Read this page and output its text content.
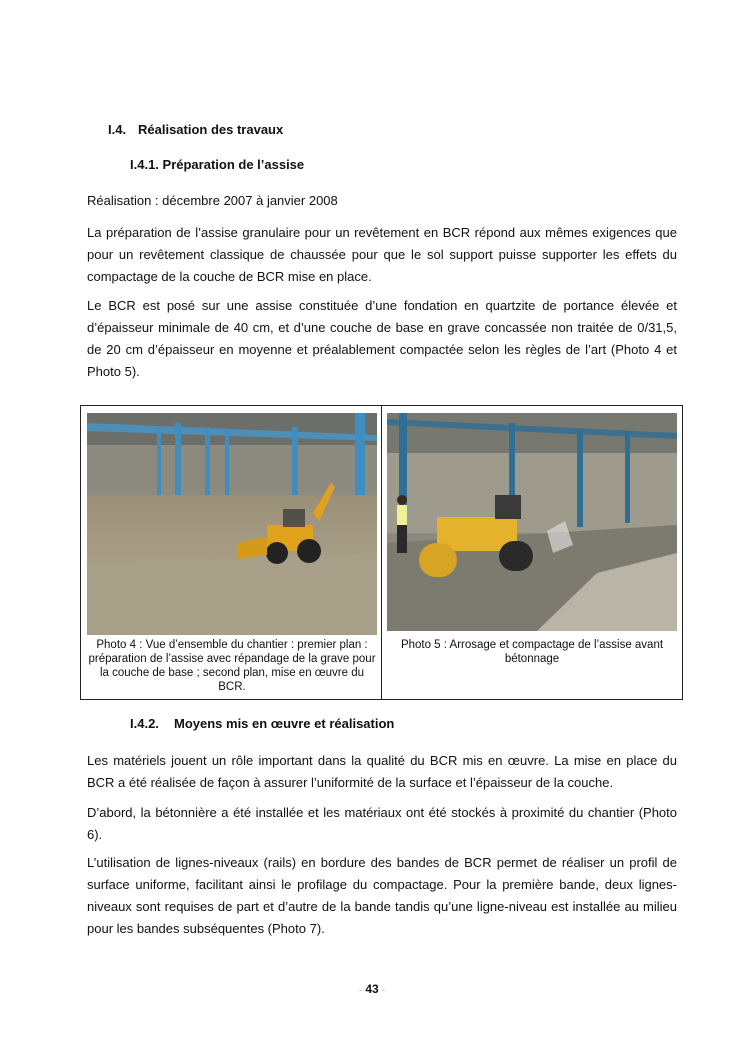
I.4. Réalisation des travaux
I.4.1. Préparation de l’assise

Réalisation : décembre 2007 à janvier 2008

La préparation de l’assise granulaire pour un revêtement en BCR répond aux mêmes exigences que pour un revêtement classique de chaussée pour que le sol support puisse supporter les effets du compactage de la couche de BCR mise en place.

Le BCR est posé sur une assise constituée d’une fondation en quartzite de portance élevée et d’épaisseur minimale de 40 cm, et d’une couche de base en grave concassée non traitée de 0/31,5, de 20 cm d’épaisseur en moyenne et préalablement compactée selon les règles de l’art (Photo 4 et Photo 5).

Photo 4 : Vue d’ensemble du chantier : premier plan : préparation de l’assise avec répandage de la grave pour la couche de base ; second plan, mise en œuvre du BCR.
Photo 5 : Arrosage et compactage de l’assise avant bétonnage
I.4.2. Moyens mis en œuvre et réalisation

Les matériels jouent un rôle important dans la qualité du BCR mis en œuvre. La mise en place du BCR a été réalisée de façon à assurer l’uniformité de la surface et l’épaisseur de la couche.

D’abord, la bétonnière a été installée et les matériaux ont été stockés à proximité du chantier (Photo 6).

L’utilisation de lignes-niveaux (rails) en bordure des bandes de BCR permet de réaliser un profil de surface uniforme, facilitant ainsi le profilage du compactage. Pour la première bande, deux lignes-niveaux sont requises de part et d’autre de la bande tandis qu’une ligne-niveau est installée au milieu pour les bandes subséquentes (Photo 7).

- 43 -
